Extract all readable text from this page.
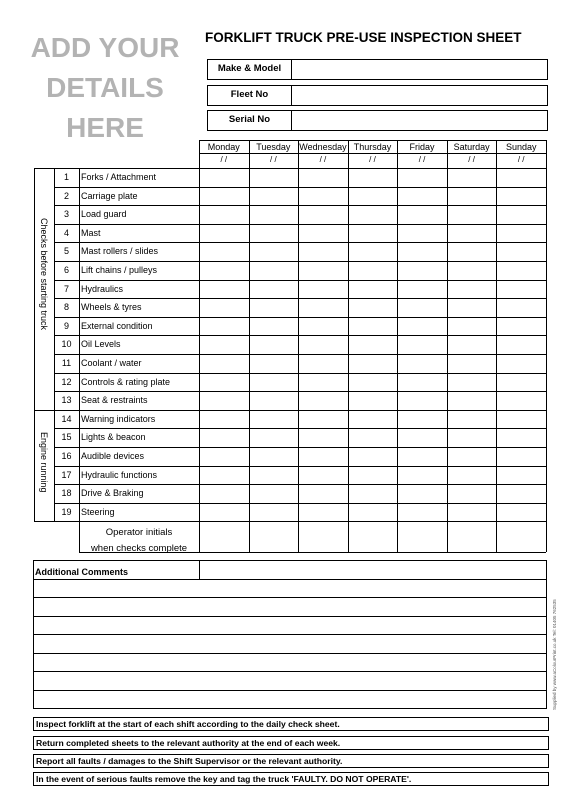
ADD YOUR
DETAILS
HERE
FORKLIFT TRUCK PRE-USE INSPECTION SHEET
Make & Model
Fleet No
Serial No
Monday
/ /
Tuesday
/ /
Wednesday
/ /
Thursday
/ /
Friday
/ /
Saturday
/ /
Sunday
/ /
1	Forks / Attachment
2	Carriage plate
3	Load guard
4	Mast
5	Mast rollers / slides
6	Lift chains / pulleys
7	Hydraulics
8	Wheels & tyres
9	External condition
10	Oil Levels
11	Coolant / water
12	Controls & rating plate
13	Seat & restraints
14	Warning indicators
15	Lights & beacon
16	Audible devices
17	Hydraulic functions
18	Drive & Braking
19	Steering
Checks before starting truck
Engine running
Operator initials
when checks complete
Additional Comments
Supplied by www.aColourPrint.co.uk Tel: 01405 762535
Inspect forklift at the start of each shift according to the daily check sheet.
Return completed sheets to the relevant authority at the end of each week.
Report all faults / damages to the Shift Supervisor or the relevant authority.
In the event of serious faults remove the key and tag the truck 'FAULTY. DO NOT OPERATE'.
